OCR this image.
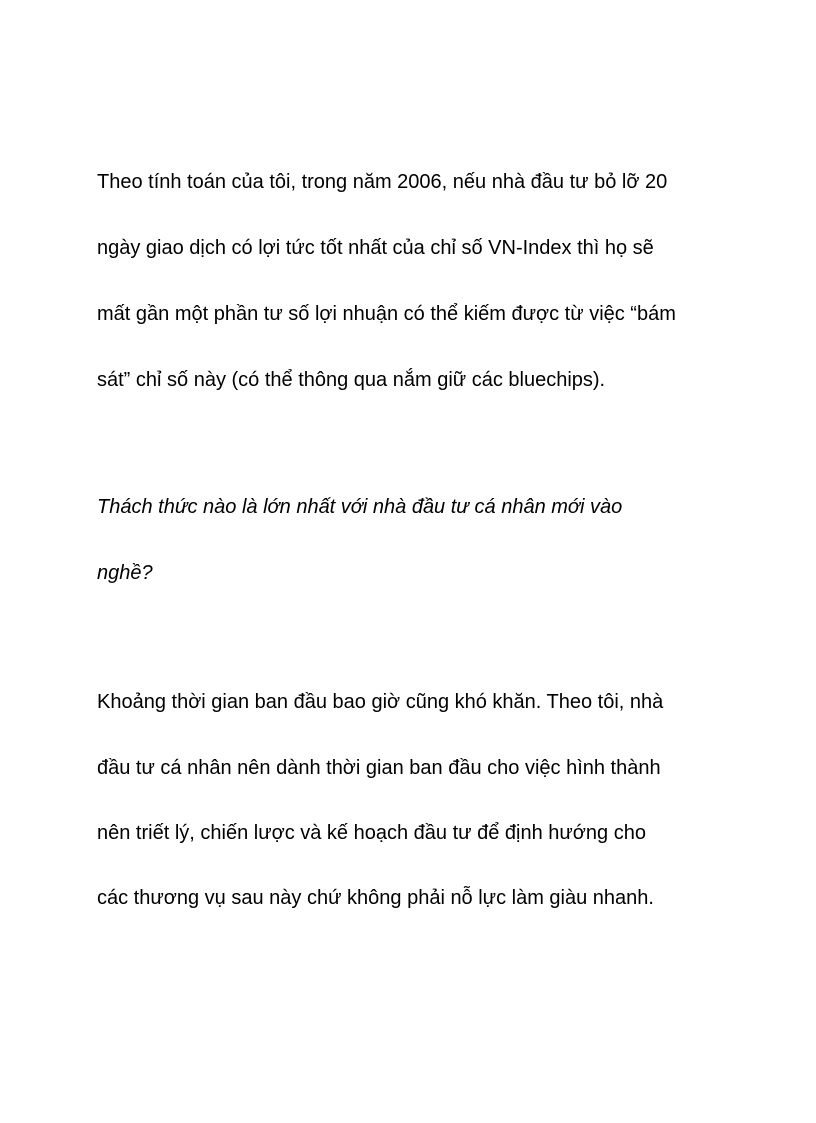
Theo tính toán của tôi, trong năm 2006, nếu nhà đầu tư bỏ lỡ 20

ngày giao dịch có lợi tức tốt nhất của chỉ số VN-Index thì họ sẽ

mất gần một phần tư số lợi nhuận có thể kiếm được từ việc “bám

sát” chỉ số này (có thể thông qua nắm giữ các bluechips).

Thách thức nào là lớn nhất với nhà đầu tư cá nhân mới vào

nghề?

Khoảng thời gian ban đầu bao giờ cũng khó khăn. Theo tôi, nhà

đầu tư cá nhân nên dành thời gian ban đầu cho việc hình thành

nên triết lý, chiến lược và kế hoạch đầu tư để định hướng cho

các thương vụ sau này chứ không phải nỗ lực làm giàu nhanh.
